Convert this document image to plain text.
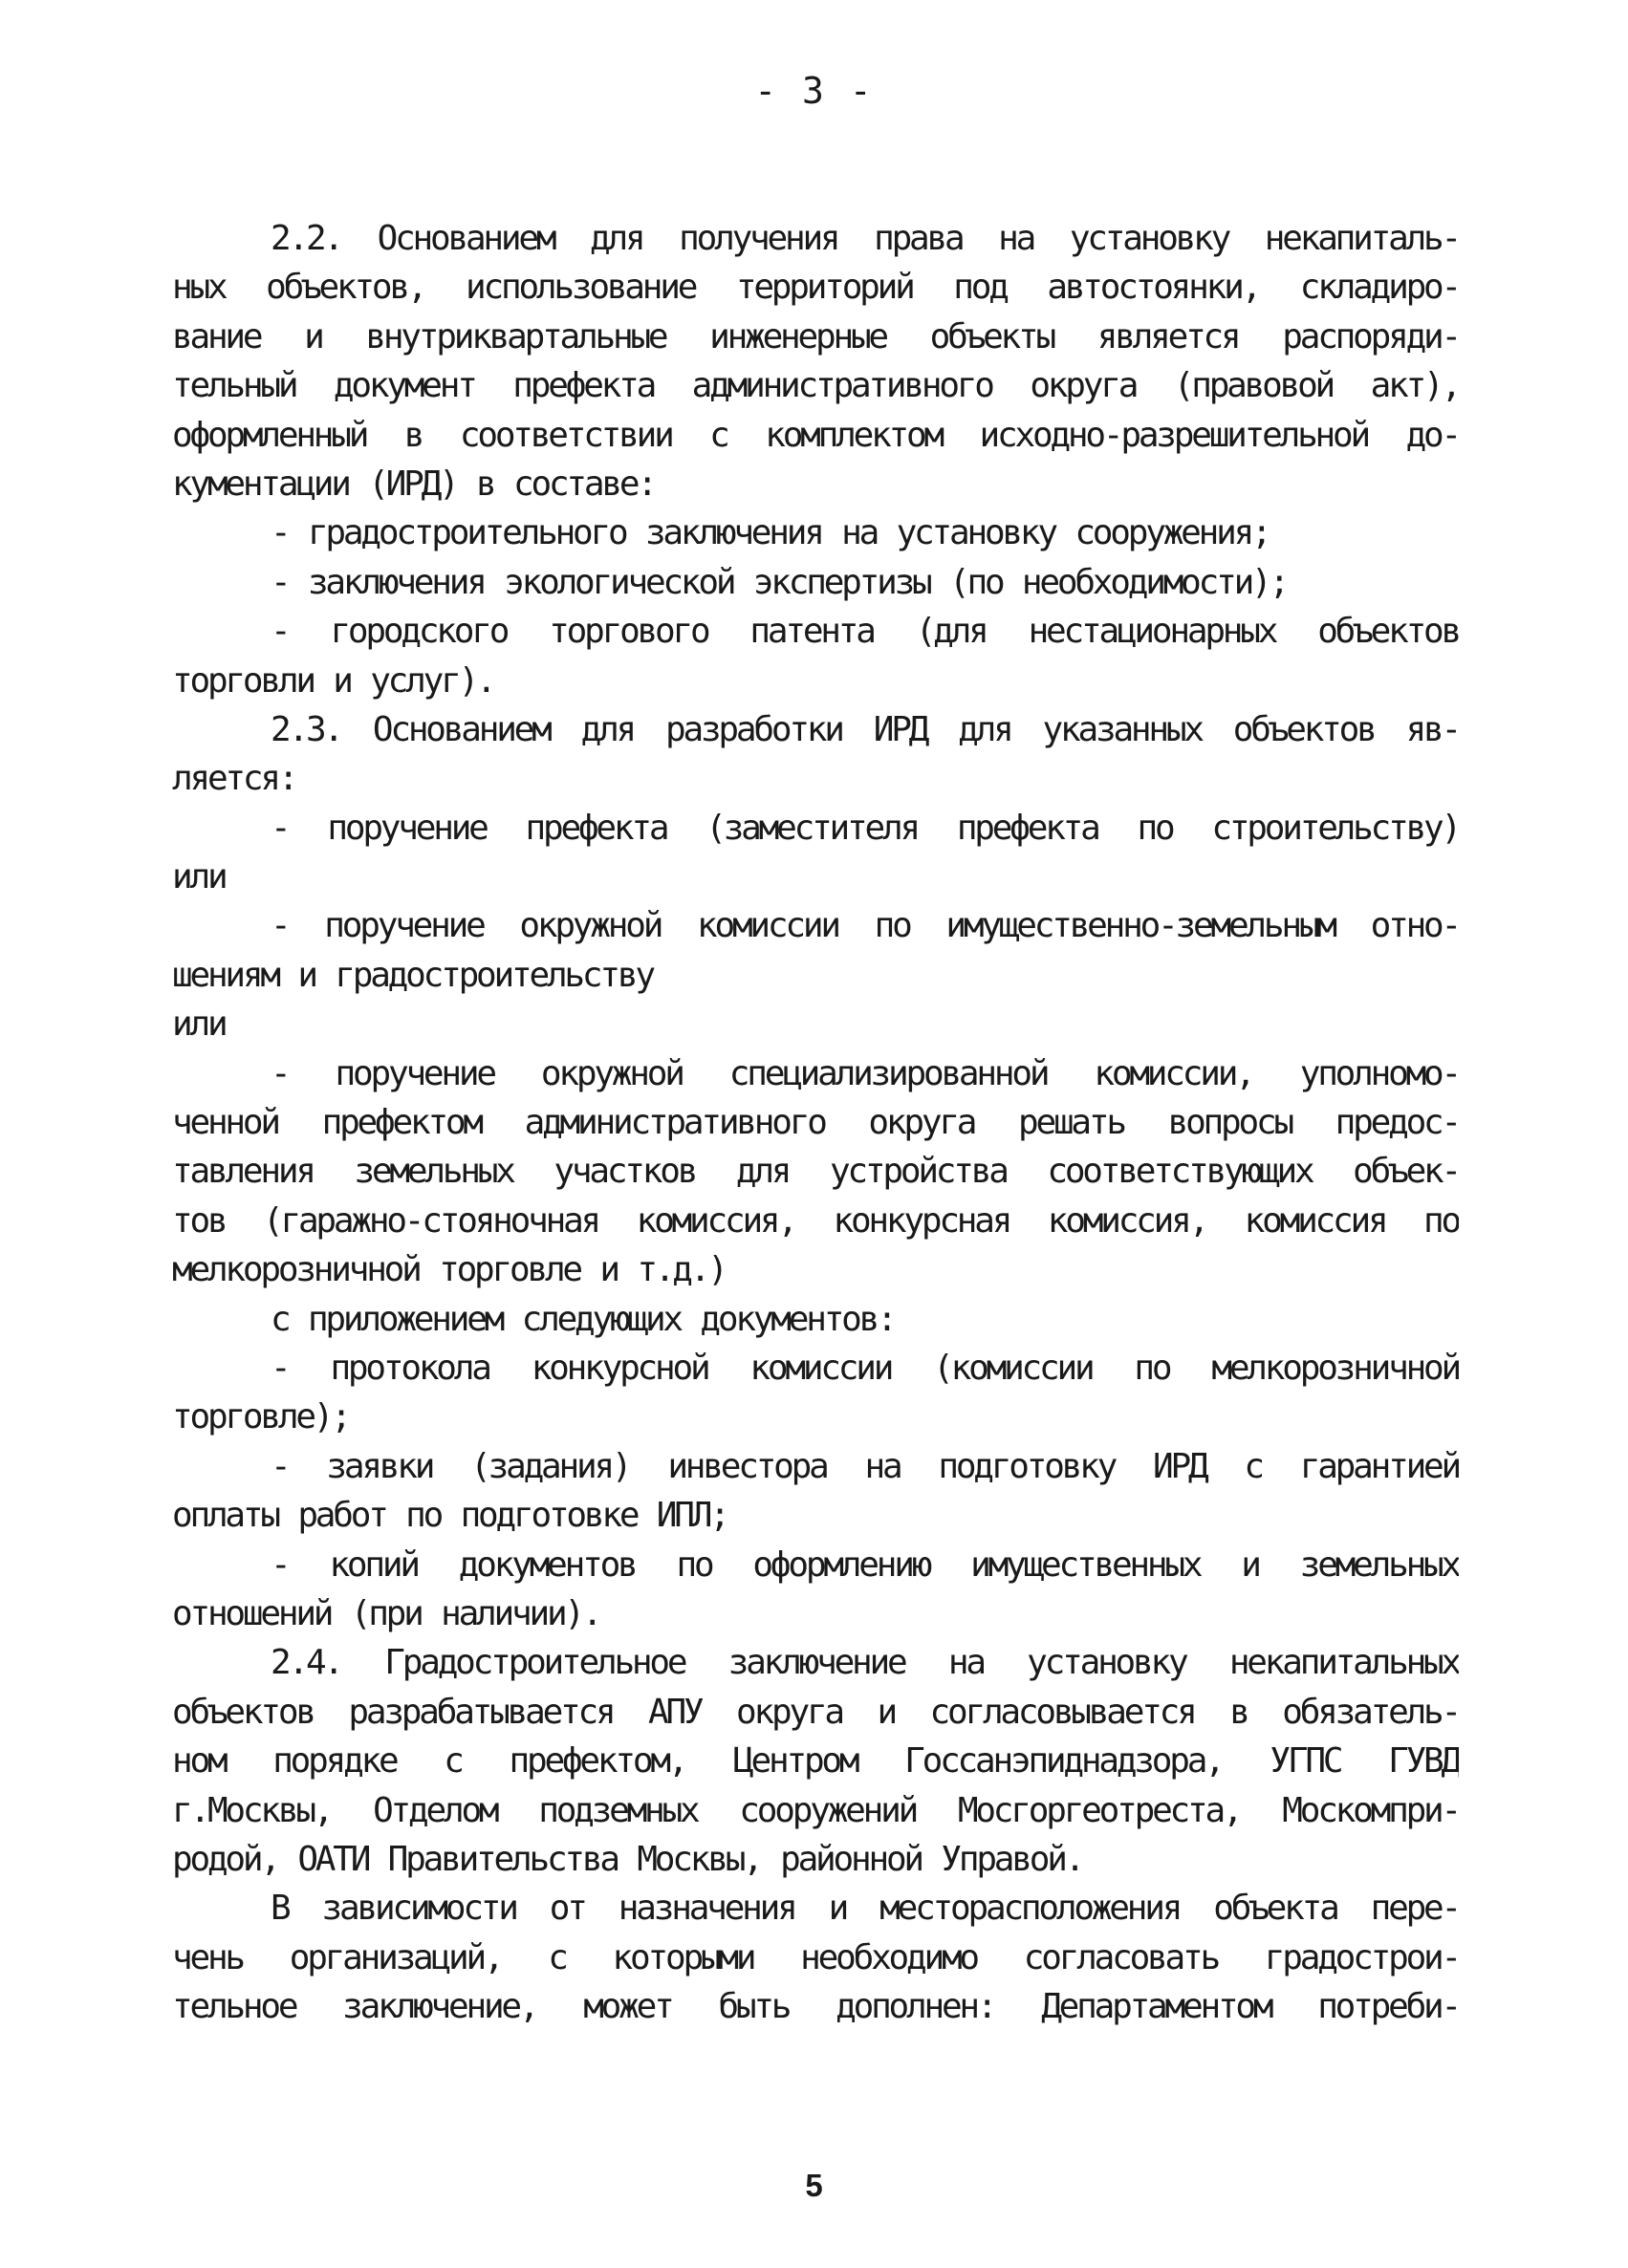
- 3 -
2.2. Основанием для получения права на установку некапиталь-
ных объектов, использование территорий под автостоянки, складиро-
вание и внутриквартальные инженерные объекты является распоряди-
тельный документ префекта административного округа (правовой акт),
оформленный в соответствии с комплектом исходно-разрешительной до-
кументации (ИРД) в составе:
- градостроительного заключения на установку сооружения;
- заключения экологической экспертизы (по необходимости);
- городского торгового патента (для нестационарных объектов
торговли и услуг).
2.3. Основанием для разработки ИРД для указанных объектов яв-
ляется:
- поручение префекта (заместителя префекта по строительству)
или
- поручение окружной комиссии по имущественно-земельным отно-
шениям и градостроительству
или
- поручение окружной специализированной комиссии, уполномо-
ченной префектом административного округа решать вопросы предос-
тавления земельных участков для устройства соответствующих объек-
тов (гаражно-стояночная комиссия, конкурсная комиссия, комиссия по
мелкорозничной торговле и т.д.)
с приложением следующих документов:
- протокола конкурсной комиссии (комиссии по мелкорозничной
торговле);
- заявки (задания) инвестора на подготовку ИРД с гарантией
оплаты работ по подготовке ИПЛ;
- копий документов по оформлению имущественных и земельных
отношений (при наличии).
2.4. Градостроительное заключение на установку некапитальных
объектов разрабатывается АПУ округа и согласовывается в обязатель-
ном порядке с префектом, Центром Госсанэпиднадзора, УГПС ГУВД
г.Москвы, Отделом подземных сооружений Мосгоргеотреста, Москомпри-
родой, ОАТИ Правительства Москвы, районной Управой.
В зависимости от назначения и месторасположения объекта пере-
чень организаций, с которыми необходимо согласовать градострои-
тельное заключение, может быть дополнен: Департаментом потреби-
5
